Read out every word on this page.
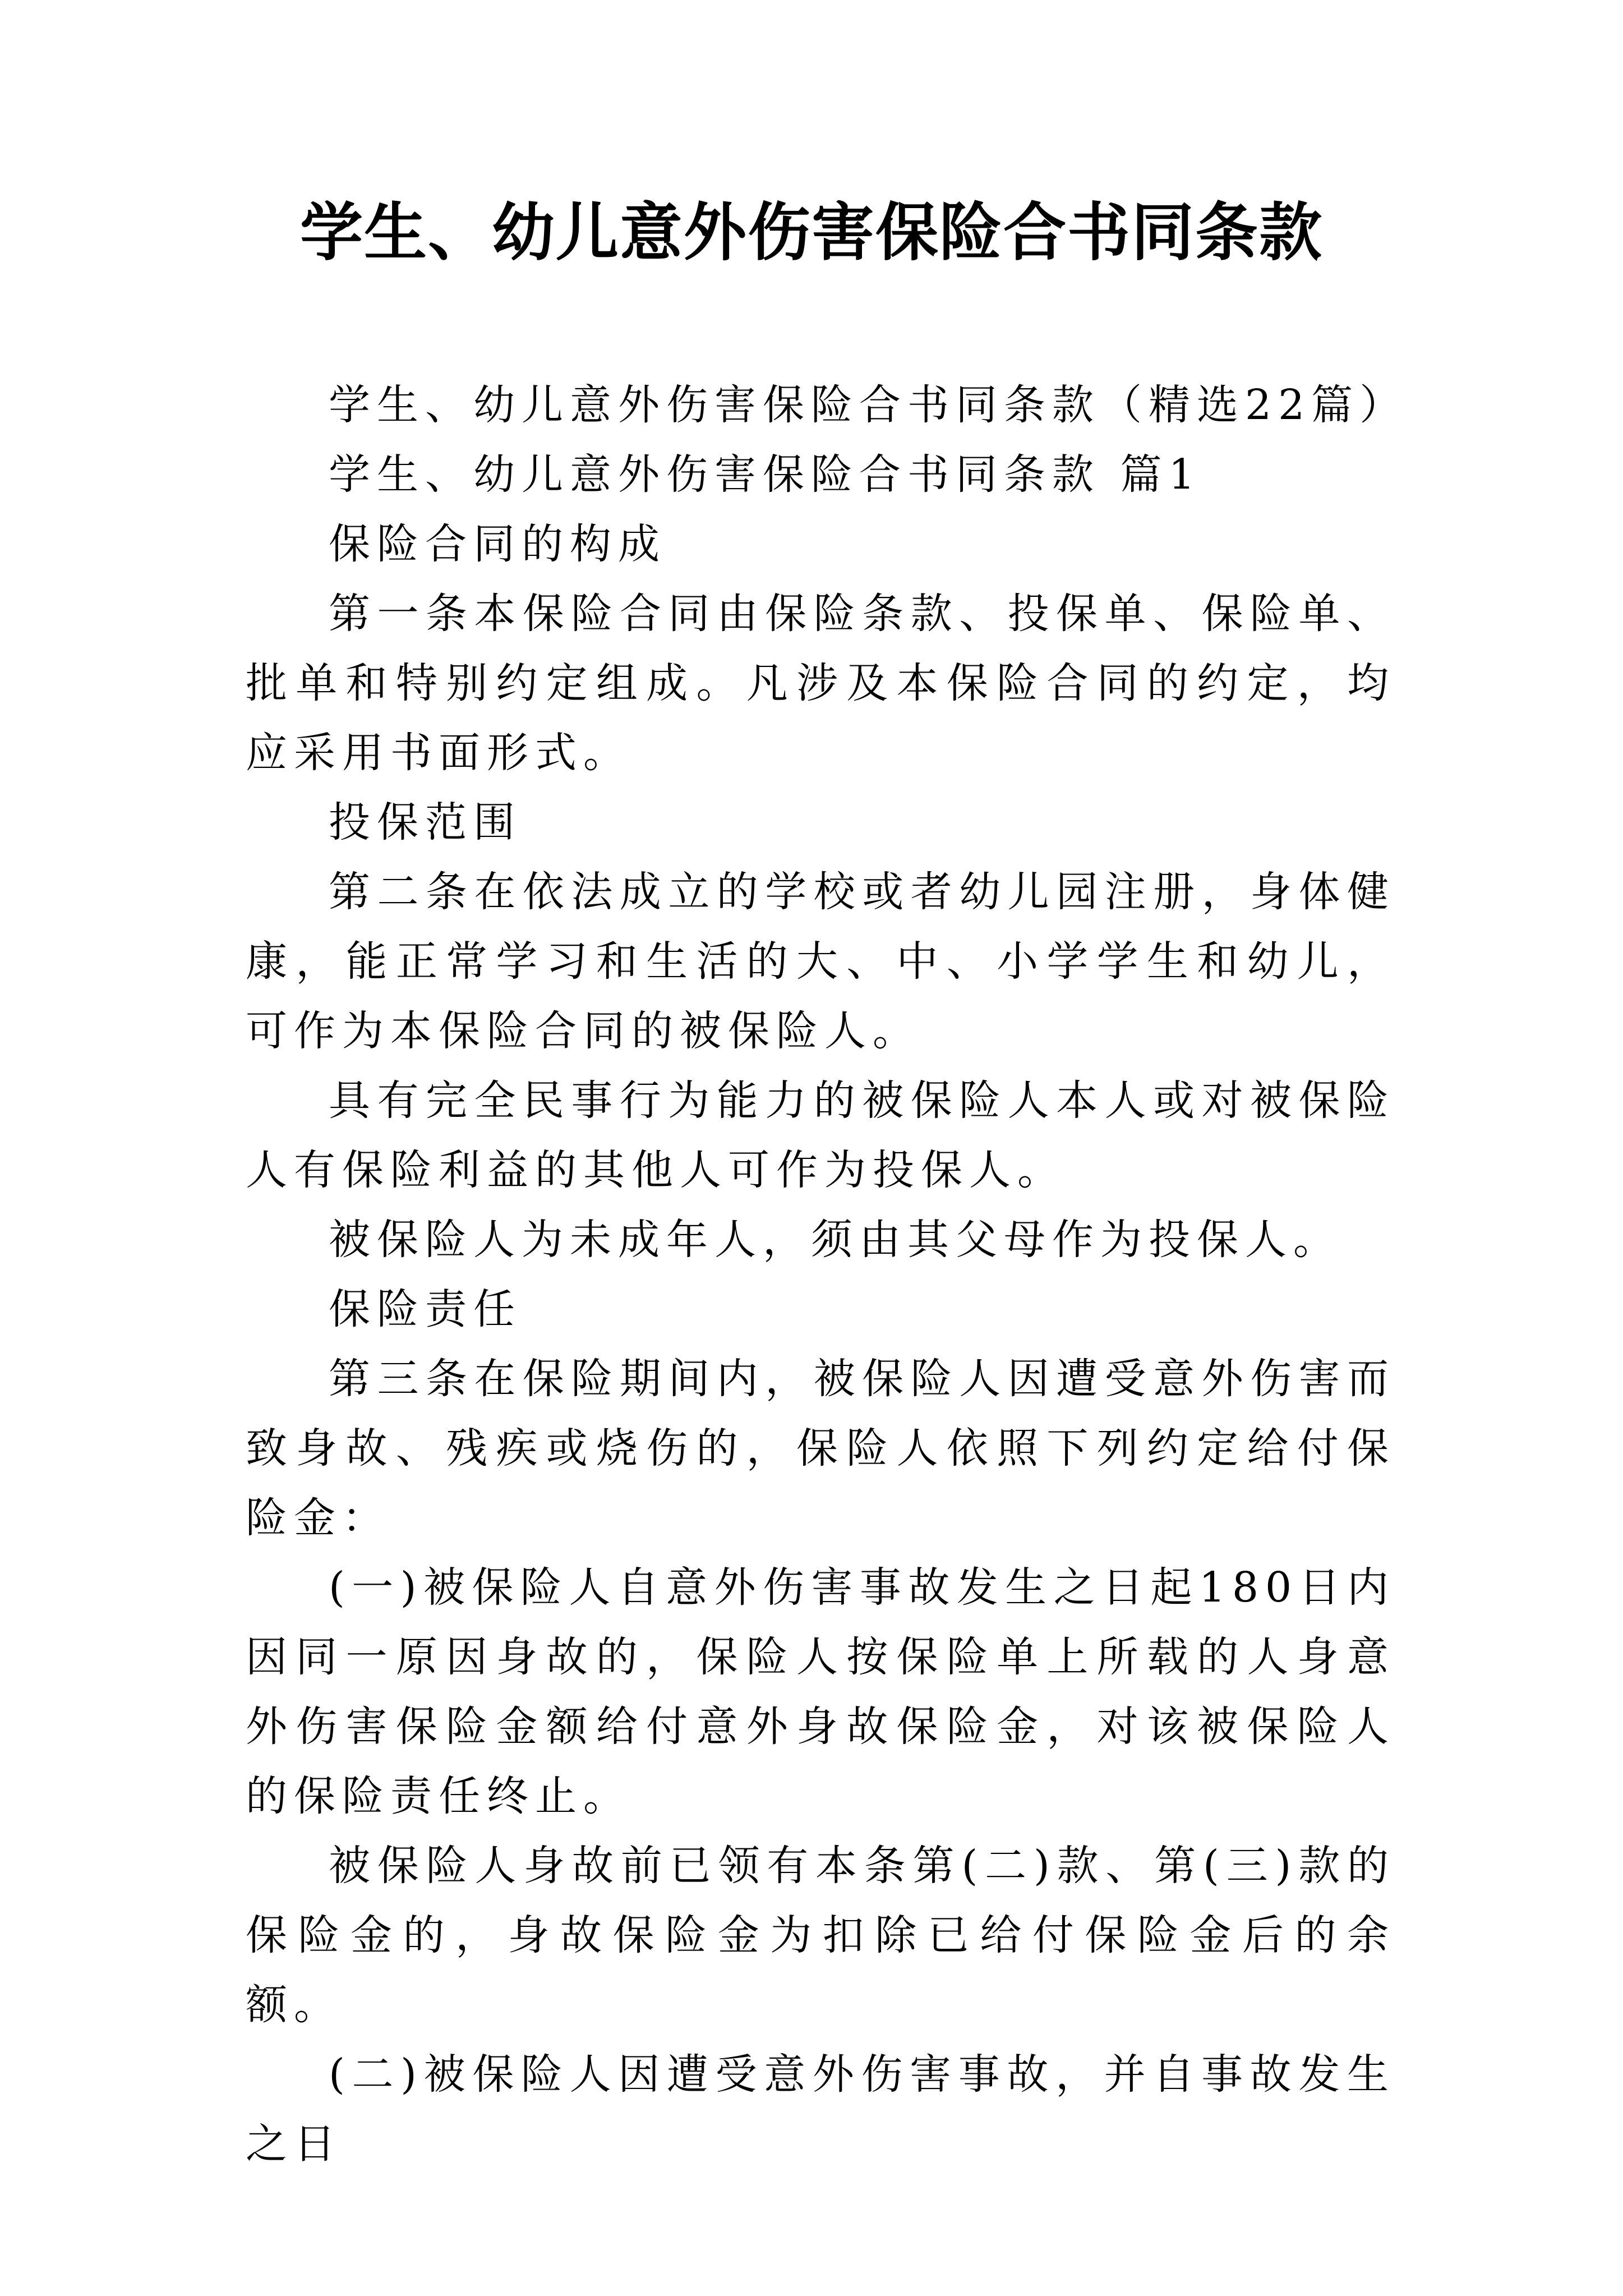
学生、幼儿意外伤害保险合书同条款

学生、幼儿意外伤害保险合书同条款（精选22篇）

学生、幼儿意外伤害保险合书同条款 篇1

保险合同的构成

第一条本保险合同由保险条款、投保单、保险单、批单和特别约定组成。凡涉及本保险合同的约定，均应采用书面形式。

投保范围

第二条在依法成立的学校或者幼儿园注册，身体健康，能正常学习和生活的大、中、小学学生和幼儿，可作为本保险合同的被保险人。

具有完全民事行为能力的被保险人本人或对被保险人有保险利益的其他人可作为投保人。

被保险人为未成年人，须由其父母作为投保人。

保险责任

第三条在保险期间内，被保险人因遭受意外伤害而致身故、残疾或烧伤的，保险人依照下列约定给付保险金：

(一)被保险人自意外伤害事故发生之日起180日内因同一原因身故的，保险人按保险单上所载的人身意外伤害保险金额给付意外身故保险金，对该被保险人的保险责任终止。

被保险人身故前已领有本条第(二)款、第(三)款的保险金的，身故保险金为扣除已给付保险金后的余额。

(二)被保险人因遭受意外伤害事故，并自事故发生之日
